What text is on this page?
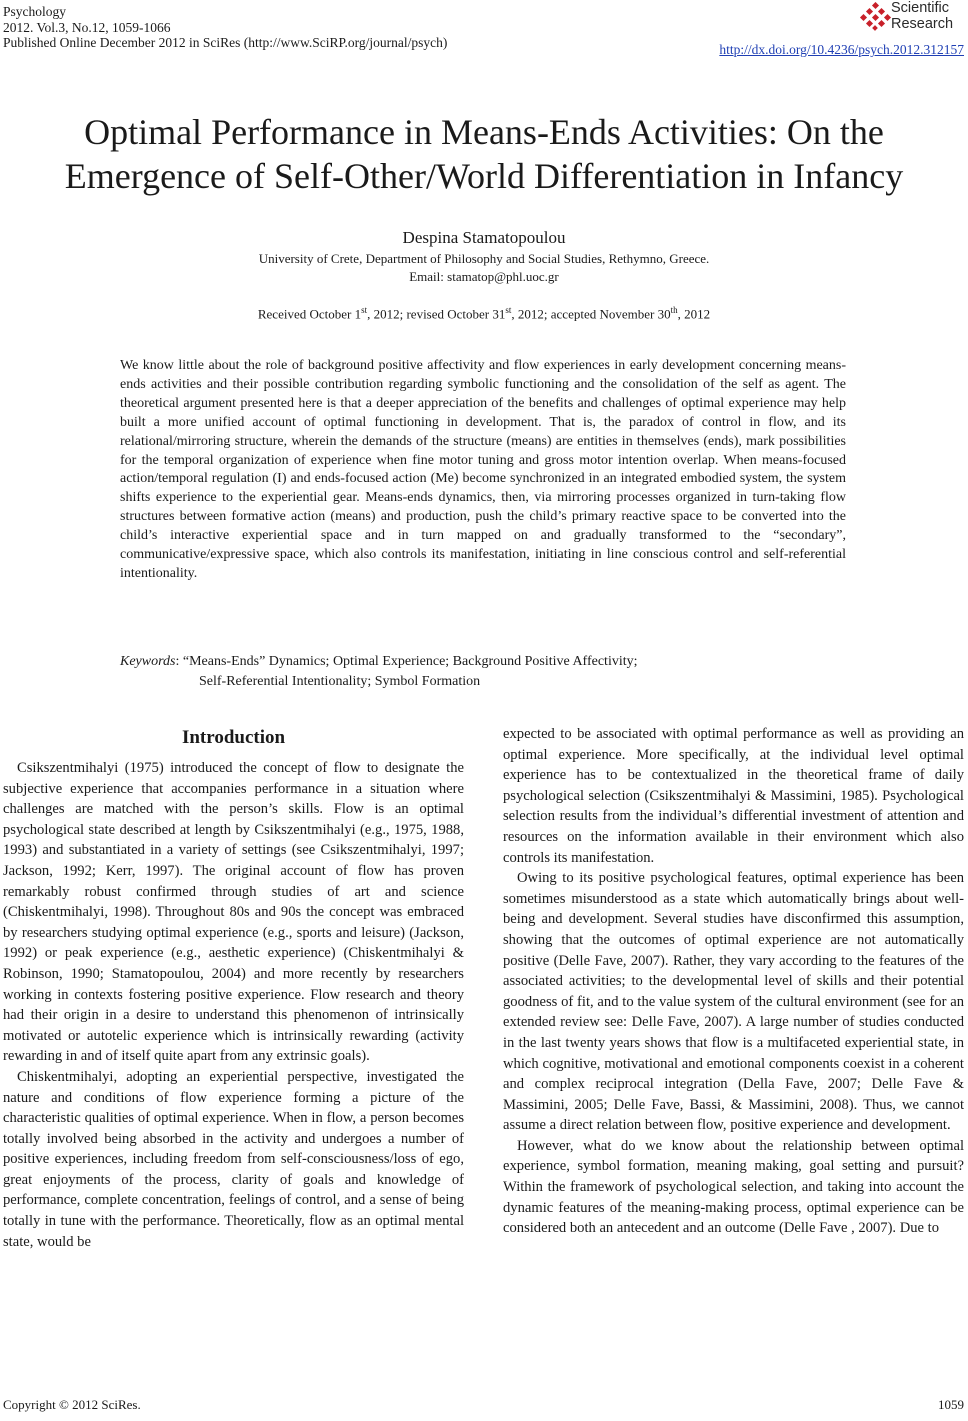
Psychology
2012. Vol.3, No.12, 1059-1066
Published Online December 2012 in SciRes (http://www.SciRP.org/journal/psych)
Scientific
Research
http://dx.doi.org/10.4236/psych.2012.312157
Optimal Performance in Means-Ends Activities: On the
Emergence of Self-Other/World Differentiation in Infancy
Despina Stamatopoulou
University of Crete, Department of Philosophy and Social Studies, Rethymno, Greece.
Email: stamatop@phl.uoc.gr
Received October 1st, 2012; revised October 31st, 2012; accepted November 30th, 2012
We know little about the role of background positive affectivity and flow experiences in early development concerning means-ends activities and their possible contribution regarding symbolic functioning and the consolidation of the self as agent. The theoretical argument presented here is that a deeper appreciation of the benefits and challenges of optimal experience may help built a more unified account of optimal functioning in development. That is, the paradox of control in flow, and its relational/mirroring structure, wherein the demands of the structure (means) are entities in themselves (ends), mark possibilities for the temporal organization of experience when fine motor tuning and gross motor intention overlap. When means-focused action/temporal regulation (I) and ends-focused action (Me) become synchronized in an integrated embodied system, the system shifts experience to the experiential gear. Means-ends dynamics, then, via mirroring processes organized in turn-taking flow structures between formative action (means) and production, push the child’s primary reactive space to be converted into the child’s interactive experiential space and in turn mapped on and gradually transformed to the “secondary”, communicative/expressive space, which also controls its manifestation, initiating in line conscious control and self-referential intentionality.
Keywords: “Means-Ends” Dynamics; Optimal Experience; Background Positive Affectivity;
Self-Referential Intentionality; Symbol Formation
Introduction

Csikszentmihalyi (1975) introduced the concept of flow to designate the subjective experience that accompanies performance in a situation where challenges are matched with the person’s skills. Flow is an optimal psychological state described at length by Csikszentmihalyi (e.g., 1975, 1988, 1993) and substantiated in a variety of settings (see Csikszentmihalyi, 1997; Jackson, 1992; Kerr, 1997). The original account of flow has proven remarkably robust confirmed through studies of art and science (Chiskentmihalyi, 1998). Throughout 80s and 90s the concept was embraced by researchers studying optimal experience (e.g., sports and leisure) (Jackson, 1992) or peak experience (e.g., aesthetic experience) (Chiskentmihalyi & Robinson, 1990; Stamatopoulou, 2004) and more recently by researchers working in contexts fostering positive experience. Flow research and theory had their origin in a desire to understand this phenomenon of intrinsically motivated or autotelic experience which is intrinsically rewarding (activity rewarding in and of itself quite apart from any extrinsic goals).

Chiskentmihalyi, adopting an experiential perspective, investigated the nature and conditions of flow experience forming a picture of the characteristic qualities of optimal experience. When in flow, a person becomes totally involved being absorbed in the activity and undergoes a number of positive experiences, including freedom from self-consciousness/loss of ego, great enjoyments of the process, clarity of goals and knowledge of performance, complete concentration, feelings of control, and a sense of being totally in tune with the performance. Theoretically, flow as an optimal mental state, would be

expected to be associated with optimal performance as well as providing an optimal experience. More specifically, at the individual level optimal experience has to be contextualized in the theoretical frame of daily psychological selection (Csikszentmihalyi & Massimini, 1985). Psychological selection results from the individual’s differential investment of attention and resources on the information available in their environment which also controls its manifestation.

Owing to its positive psychological features, optimal experience has been sometimes misunderstood as a state which automatically brings about well-being and development. Several studies have disconfirmed this assumption, showing that the outcomes of optimal experience are not automatically positive (Delle Fave, 2007). Rather, they vary according to the features of the associated activities; to the developmental level of skills and their potential goodness of fit, and to the value system of the cultural environment (see for an extended review see: Delle Fave, 2007). A large number of studies conducted in the last twenty years shows that flow is a multifaceted experiential state, in which cognitive, motivational and emotional components coexist in a coherent and complex reciprocal integration (Della Fave, 2007; Delle Fave & Massimini, 2005; Delle Fave, Bassi, & Massimini, 2008). Thus, we cannot assume a direct relation between flow, positive experience and development.

However, what do we know about the relationship between optimal experience, symbol formation, meaning making, goal setting and pursuit? Within the framework of psychological selection, and taking into account the dynamic features of the meaning-making process, optimal experience can be considered both an antecedent and an outcome (Delle Fave , 2007). Due to

Copyright © 2012 SciRes.	1059
